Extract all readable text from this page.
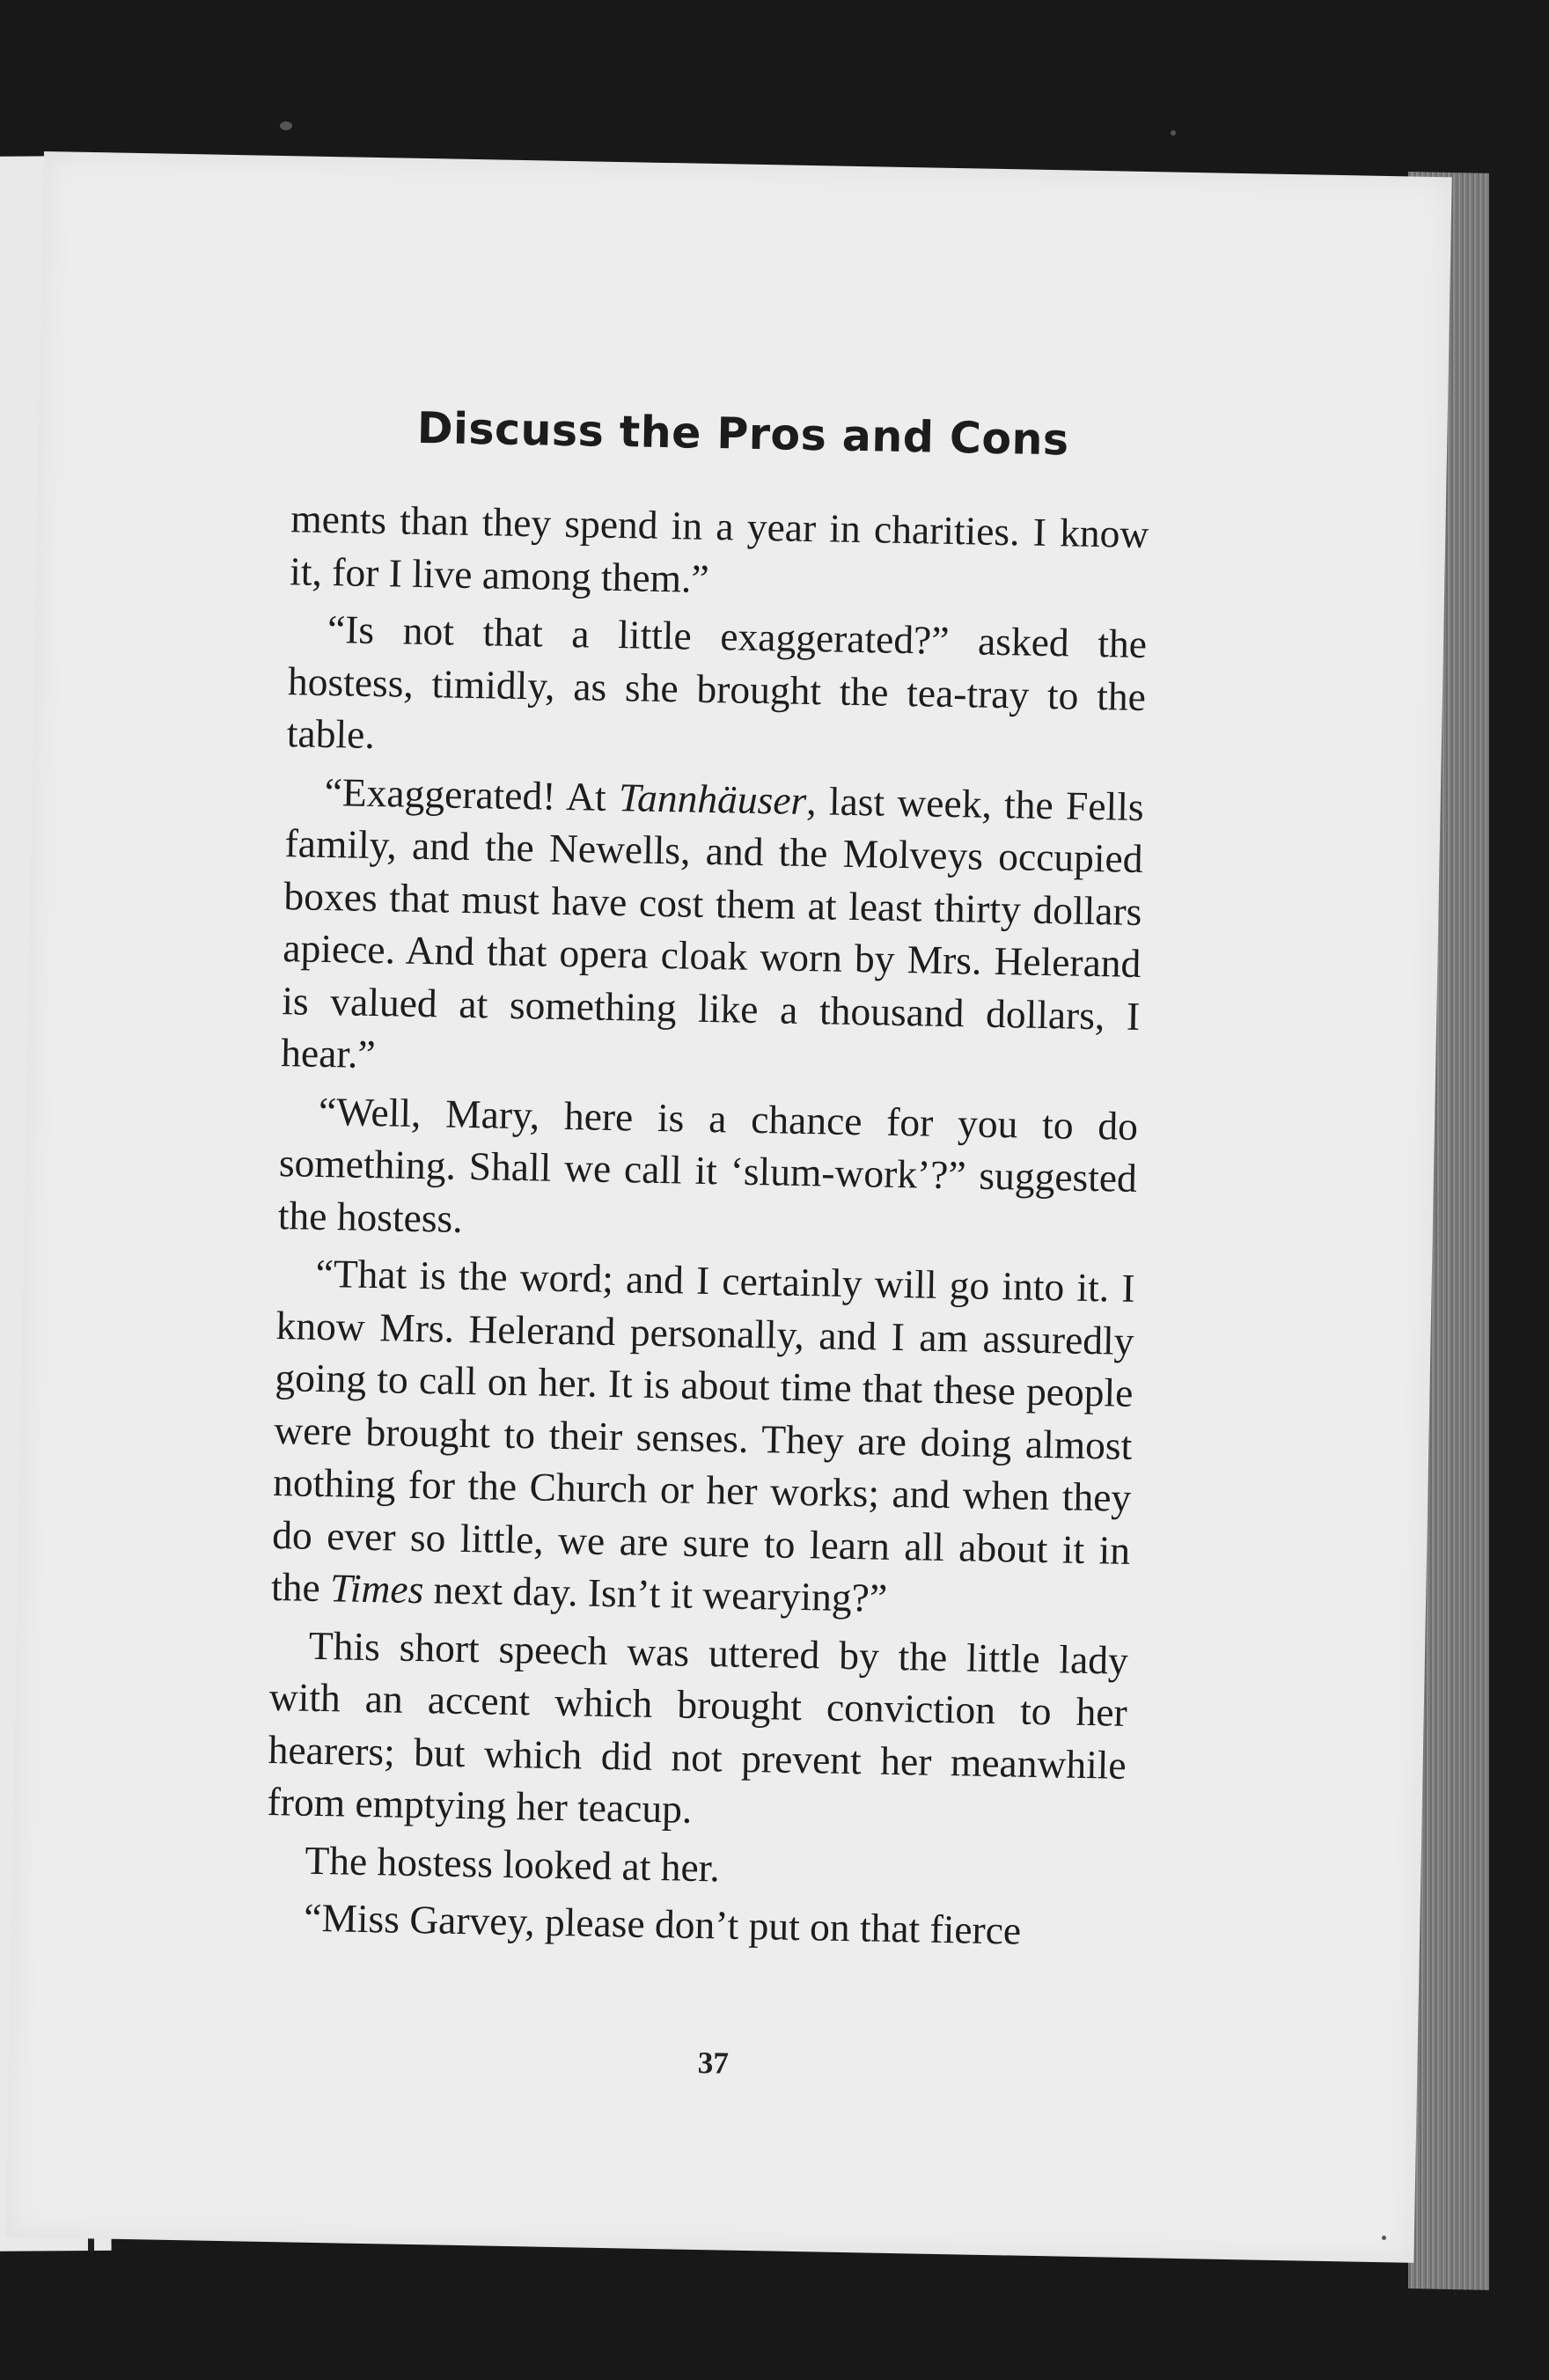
Discuss the Pros and Cons

ments than they spend in a year in charities. I know it, for I live among them.”

“Is not that a little exaggerated?” asked the hostess, timidly, as she brought the tea-tray to the table.

“Exaggerated! At Tannhäuser, last week, the Fells family, and the Newells, and the Molveys occupied boxes that must have cost them at least thirty dollars apiece. And that opera cloak worn by Mrs. Helerand is valued at something like a thousand dollars, I hear.”

“Well, Mary, here is a chance for you to do something. Shall we call it ‘slum-work’?” suggested the hostess.

“That is the word; and I certainly will go into it. I know Mrs. Helerand personally, and I am assuredly going to call on her. It is about time that these people were brought to their senses. They are doing almost nothing for the Church or her works; and when they do ever so little, we are sure to learn all about it in the Times next day. Isn’t it wearying?”

This short speech was uttered by the little lady with an accent which brought conviction to her hearers; but which did not prevent her meanwhile from emptying her teacup.

The hostess looked at her.

“Miss Garvey, please don’t put on that fierce

37
